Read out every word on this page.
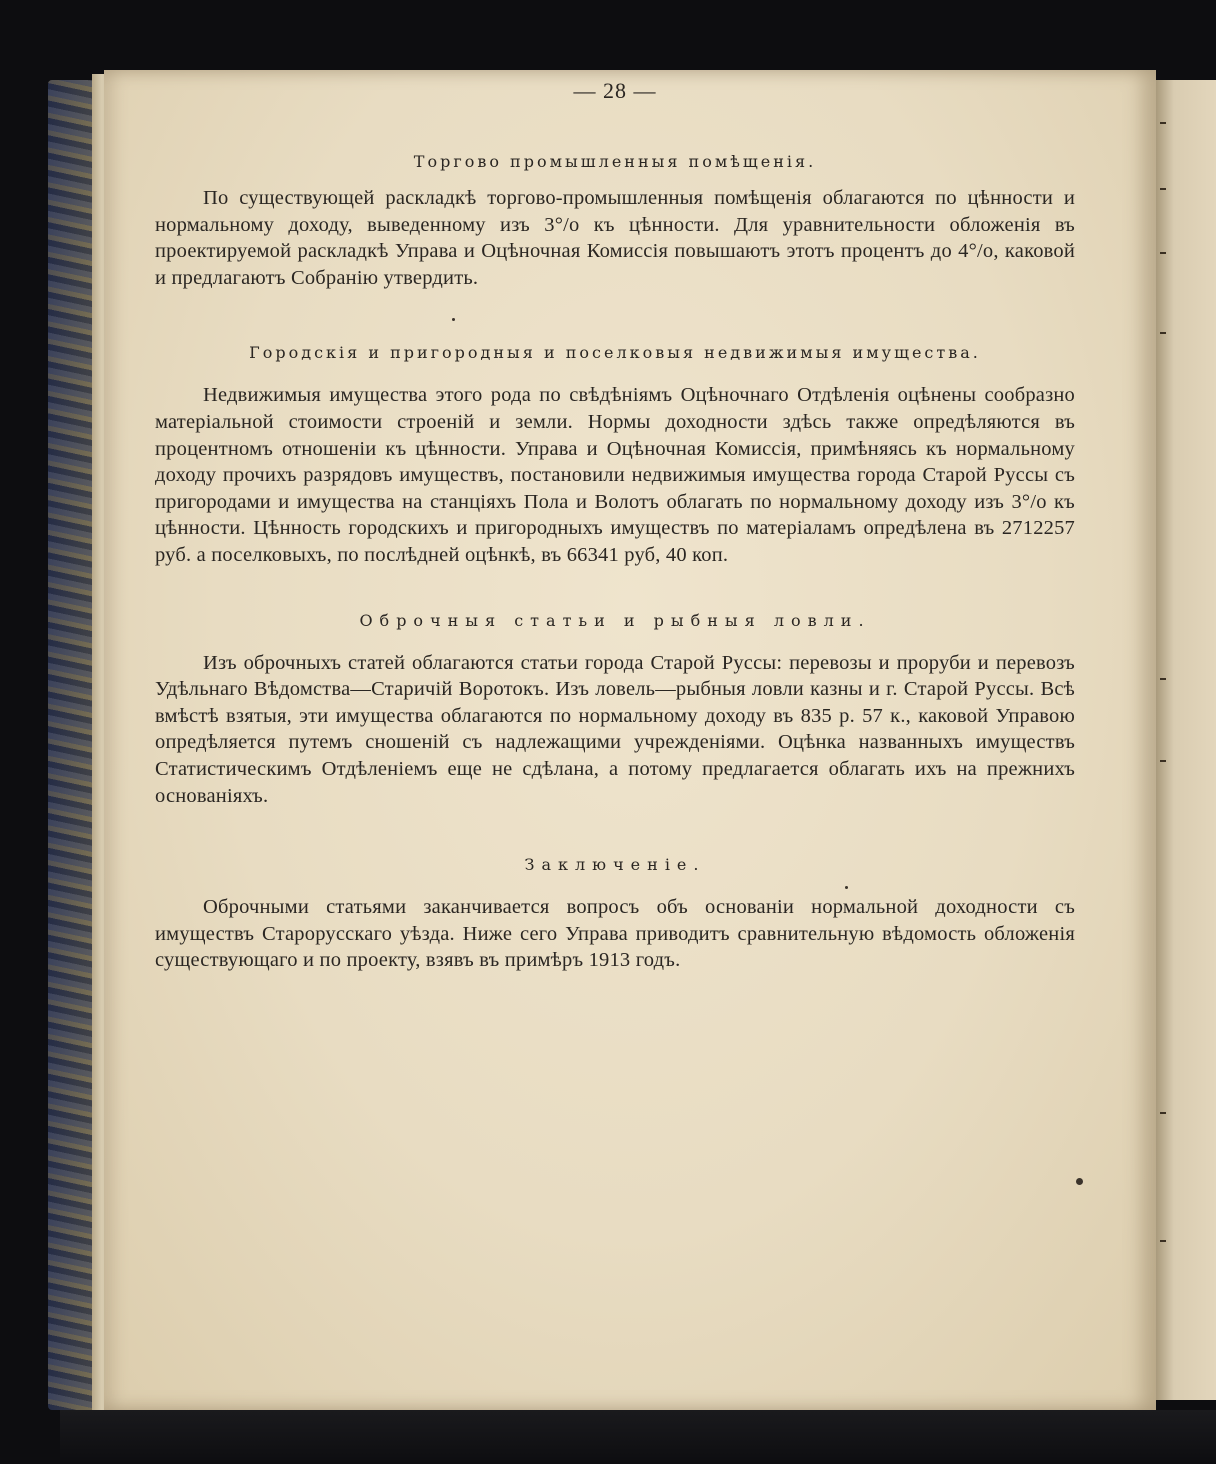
— 28 —
Торгово промышленныя помѣщенія.

По существующей раскладкѣ торгово-промышленныя помѣщенія облагаются по цѣнности и нормальному доходу, выведенному изъ 3°/о къ цѣнности. Для уравнительности обложенія въ проектируемой раскладкѣ Управа и Оцѣночная Комиссія повышаютъ этотъ процентъ до 4°/о, каковой и предлагаютъ Собранію утвердить.

Городскія и пригородныя и поселковыя недвижимыя имущества.

Недвижимыя имущества этого рода по свѣдѣніямъ Оцѣночнаго Отдѣленія оцѣнены сообразно матеріальной стоимости строеній и земли. Нормы доходности здѣсь также опредѣляются въ процентномъ отношеніи къ цѣнности. Управа и Оцѣночная Комиссія, примѣняясь къ нормальному доходу прочихъ разрядовъ имуществъ, постановили недвижимыя имущества города Старой Руссы съ пригородами и имущества на станціяхъ Пола и Волотъ облагать по нормальному доходу изъ 3°/о къ цѣнности. Цѣнность городскихъ и пригородныхъ имуществъ по матеріаламъ опредѣлена въ 2712257 руб. а поселковыхъ, по послѣдней оцѣнкѣ, въ 66341 руб, 40 коп.

Оброчныя статьи и рыбныя ловли.

Изъ оброчныхъ статей облагаются статьи города Старой Руссы: перевозы и проруби и перевозъ Удѣльнаго Вѣдомства—Старичій Воротокъ. Изъ ловель—рыбныя ловли казны и г. Старой Руссы. Всѣ вмѣстѣ взятыя, эти имущества облагаются по нормальному доходу въ 835 р. 57 к., каковой Управою опредѣляется путемъ сношеній съ надлежащими учрежденіями. Оцѣнка названныхъ имуществъ Статистическимъ Отдѣленіемъ еще не сдѣлана, а потому предлагается облагать ихъ на прежнихъ основаніяхъ.

Заключеніе.

Оброчными статьями заканчивается вопросъ объ основаніи нормальной доходности съ имуществъ Старорусскаго уѣзда. Ниже сего Управа приводитъ сравнительную вѣдомость обложенія существующаго и по проекту, взявъ въ примѣръ 1913 годъ.
